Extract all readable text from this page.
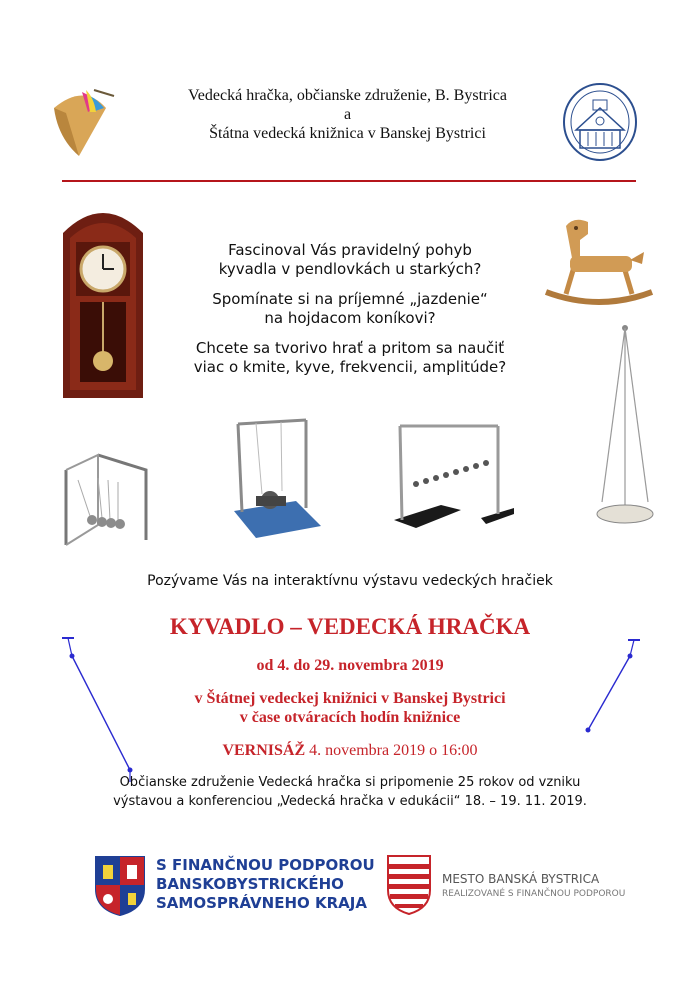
Vedecká hračka, občianske združenie, B. Bystrica
a
Štátna vedecká knižnica v Banskej Bystrici
Fascinoval Vás pravidelný pohyb
kyvadla v pendlovkách u starkých?
Spomínate si na príjemné „jazdenie“
na hojdacom koníkovi?
Chcete sa tvorivo hrať a pritom sa naučiť
viac o kmite, kyve, frekvencii, amplitúde?
Pozývame Vás na interaktívnu výstavu vedeckých hračiek
KYVADLO – VEDECKÁ HRAČKA
od 4. do 29. novembra 2019
v Štátnej vedeckej knižnici v Banskej Bystrici
v čase otváracích hodín knižnice
VERNISÁŽ 4. novembra 2019 o 16:00
Občianske združenie Vedecká hračka si pripomenie 25 rokov od vzniku
výstavou a konferenciou „Vedecká hračka v edukácii“ 18. – 19. 11. 2019.
S FINANČNOU PODPOROU
BANSKOBYSTRICKÉHO
SAMOSPRÁVNEHO KRAJA
MESTO BANSKÁ BYSTRICA
REALIZOVANÉ S FINANČNOU PODPOROU
